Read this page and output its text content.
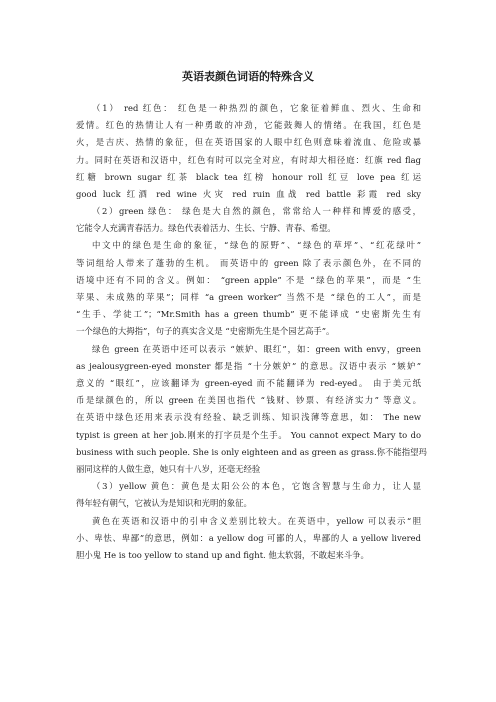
英语表颜色词语的特殊含义
（1） red 红色： 红色是一种热烈的颜色，它象征着鲜血、烈火、生命和
爱情。红色的热情让人有一种勇敢的冲劲，它能鼓舞人的情绪。在我国，红色是
火，是吉庆、热情的象征，但在英语国家的人眼中红色则意味着流血、危险或暴
力。同时在英语和汉语中，红色有时可以完全对应，有时却大相径庭：红旗 red flag
红糖 brown sugar 红茶 black tea 红榜 honour roll 红豆 love pea 红运
good luck 红酒 red wine 火灾 red ruin 血战 red battle 彩霞 red sky
（2）green 绿色： 绿色是大自然的颜色，常常给人一种样和博爱的感受，
它能令人充满青春活力。绿色代表着活力、生长、宁静、青春、希望。
中文中的绿色是生命的象征，“绿色的原野”、“绿色的草坪”、“红花绿叶”
等词组给人带来了蓬勃的生机。 而英语中的 green 除了表示颜色外，在不同的
语境中还有不同的含义。例如： “green apple” 不是 “绿色的苹果”，而是 “生
苹果、未成熟的苹果”；同样 “a green worker” 当然不是 “绿色的工人”，而是
“生手、学徒工”；“Mr.Smith has a green thumb” 更不能译成 “史密斯先生有
一个绿色的大拇指”，句子的真实含义是 “史密斯先生是个园艺高手”。
绿色 green 在英语中还可以表示 “嫉妒、眼红”，如：green with envy，green
as jealousygreen-eyed monster 都是指 “十分嫉妒” 的意思。汉语中表示 “嫉妒”
意义的 “眼红”，应该翻译为 green-eyed 而不能翻译为 red-eyed。 由于美元纸
币是绿颜色的，所以 green 在美国也指代 “钱财、钞票、有经济实力” 等意义。
在英语中绿色还用来表示没有经验、缺乏训练、知识浅薄等意思，如： The new
typist is green at her job.刚来的打字员是个生手。 You cannot expect Mary to do
business with such people. She is only eighteen and as green as grass.你不能指望玛
丽同这样的人做生意，她只有十八岁，还毫无经验
（3）yellow 黄色：黄色是太阳公公的本色，它饱含智慧与生命力，让人显
得年轻有朝气，它被认为是知识和光明的象征。
黄色在英语和汉语中的引申含义差别比较大。在英语中，yellow 可以表示“胆
小、卑怯、卑鄙”的意思，例如：a yellow dog 可鄙的人，卑鄙的人 a yellow livered
胆小鬼 He is too yellow to stand up and fight. 他太软弱，不敢起来斗争。
